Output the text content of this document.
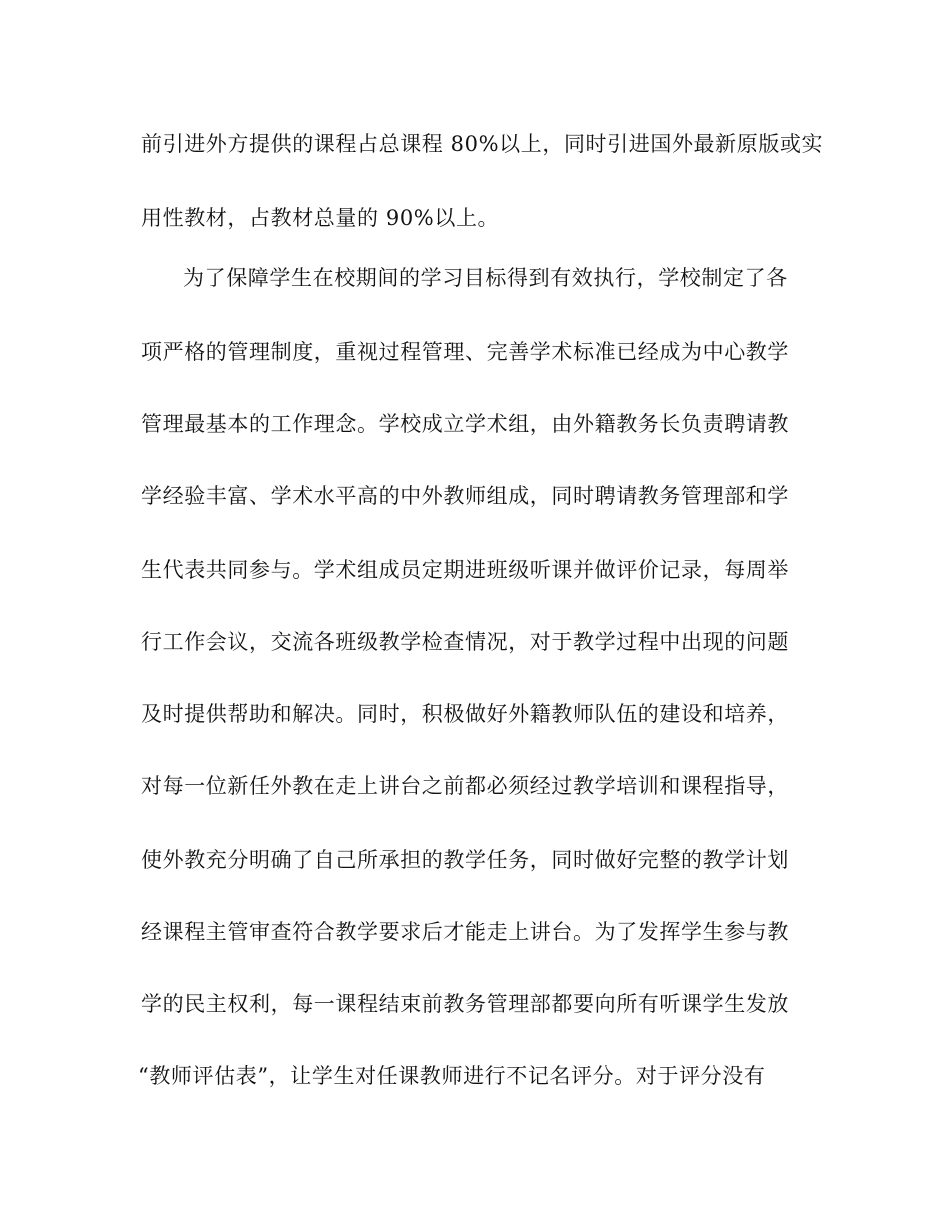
前引进外方提供的课程占总课程 80%以上，同时引进国外最新原版或实
用性教材，占教材总量的 90%以上。
为了保障学生在校期间的学习目标得到有效执行，学校制定了各
项严格的管理制度，重视过程管理、完善学术标准已经成为中心教学
管理最基本的工作理念。学校成立学术组，由外籍教务长负责聘请教
学经验丰富、学术水平高的中外教师组成，同时聘请教务管理部和学
生代表共同参与。学术组成员定期进班级听课并做评价记录，每周举
行工作会议，交流各班级教学检查情况，对于教学过程中出现的问题
及时提供帮助和解决。同时，积极做好外籍教师队伍的建设和培养，
对每一位新任外教在走上讲台之前都必须经过教学培训和课程指导，
使外教充分明确了自己所承担的教学任务，同时做好完整的教学计划
经课程主管审查符合教学要求后才能走上讲台。为了发挥学生参与教
学的民主权利，每一课程结束前教务管理部都要向所有听课学生发放
“教师评估表”，让学生对任课教师进行不记名评分。对于评分没有
